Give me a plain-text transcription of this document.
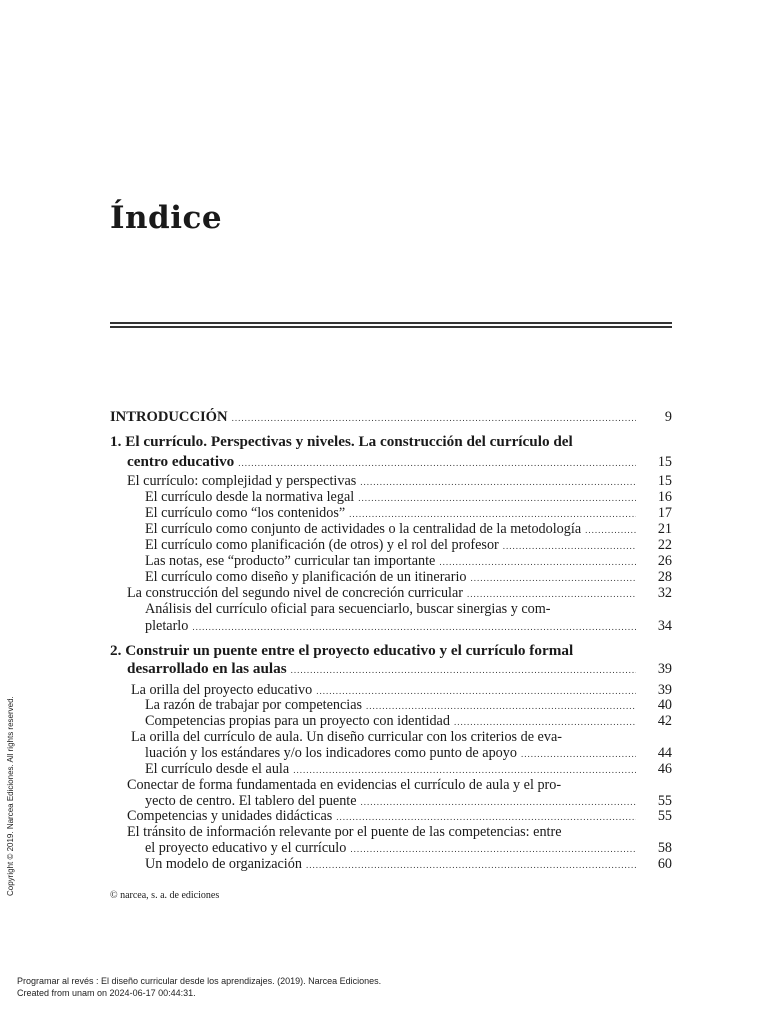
Índice
INTRODUCCIÓN .....	9
1. El currículo. Perspectivas y niveles. La construcción del currículo del
centro educativo .....	15
El currículo: complejidad y perspectivas .....	15
El currículo desde la normativa legal .....	16
El currículo como “los contenidos” .....	17
El currículo como conjunto de actividades o la centralidad de la metodología .....	21
El currículo como planificación (de otros) y el rol del profesor .....	22
Las notas, ese “producto” curricular tan importante .....	26
El currículo como diseño y planificación de un itinerario .....	28
La construcción del segundo nivel de concreción curricular .....	32
Análisis del currículo oficial para secuenciarlo, buscar sinergias y com-
pletarlo .....	34
2. Construir un puente entre el proyecto educativo y el currículo formal
desarrollado en las aulas .....	39
La orilla del proyecto educativo .....	39
La razón de trabajar por competencias .....	40
Competencias propias para un proyecto con identidad .....	42
La orilla del currículo de aula. Un diseño curricular con los criterios de eva-
luación y los estándares y/o los indicadores como punto de apoyo .....	44
El currículo desde el aula .....	46
Conectar de forma fundamentada en evidencias el currículo de aula y el pro-
yecto de centro. El tablero del puente .....	55
Competencias y unidades didácticas .....	55
El tránsito de información relevante por el puente de las competencias: entre
el proyecto educativo y el currículo .....	58
Un modelo de organización .....	60
© narcea, s. a. de ediciones
Copyright © 2019. Narcea Ediciones. All rights reserved.
Programar al revés : El diseño curricular desde los aprendizajes. (2019). Narcea Ediciones.
Created from unam on 2024-06-17 00:44:31.
